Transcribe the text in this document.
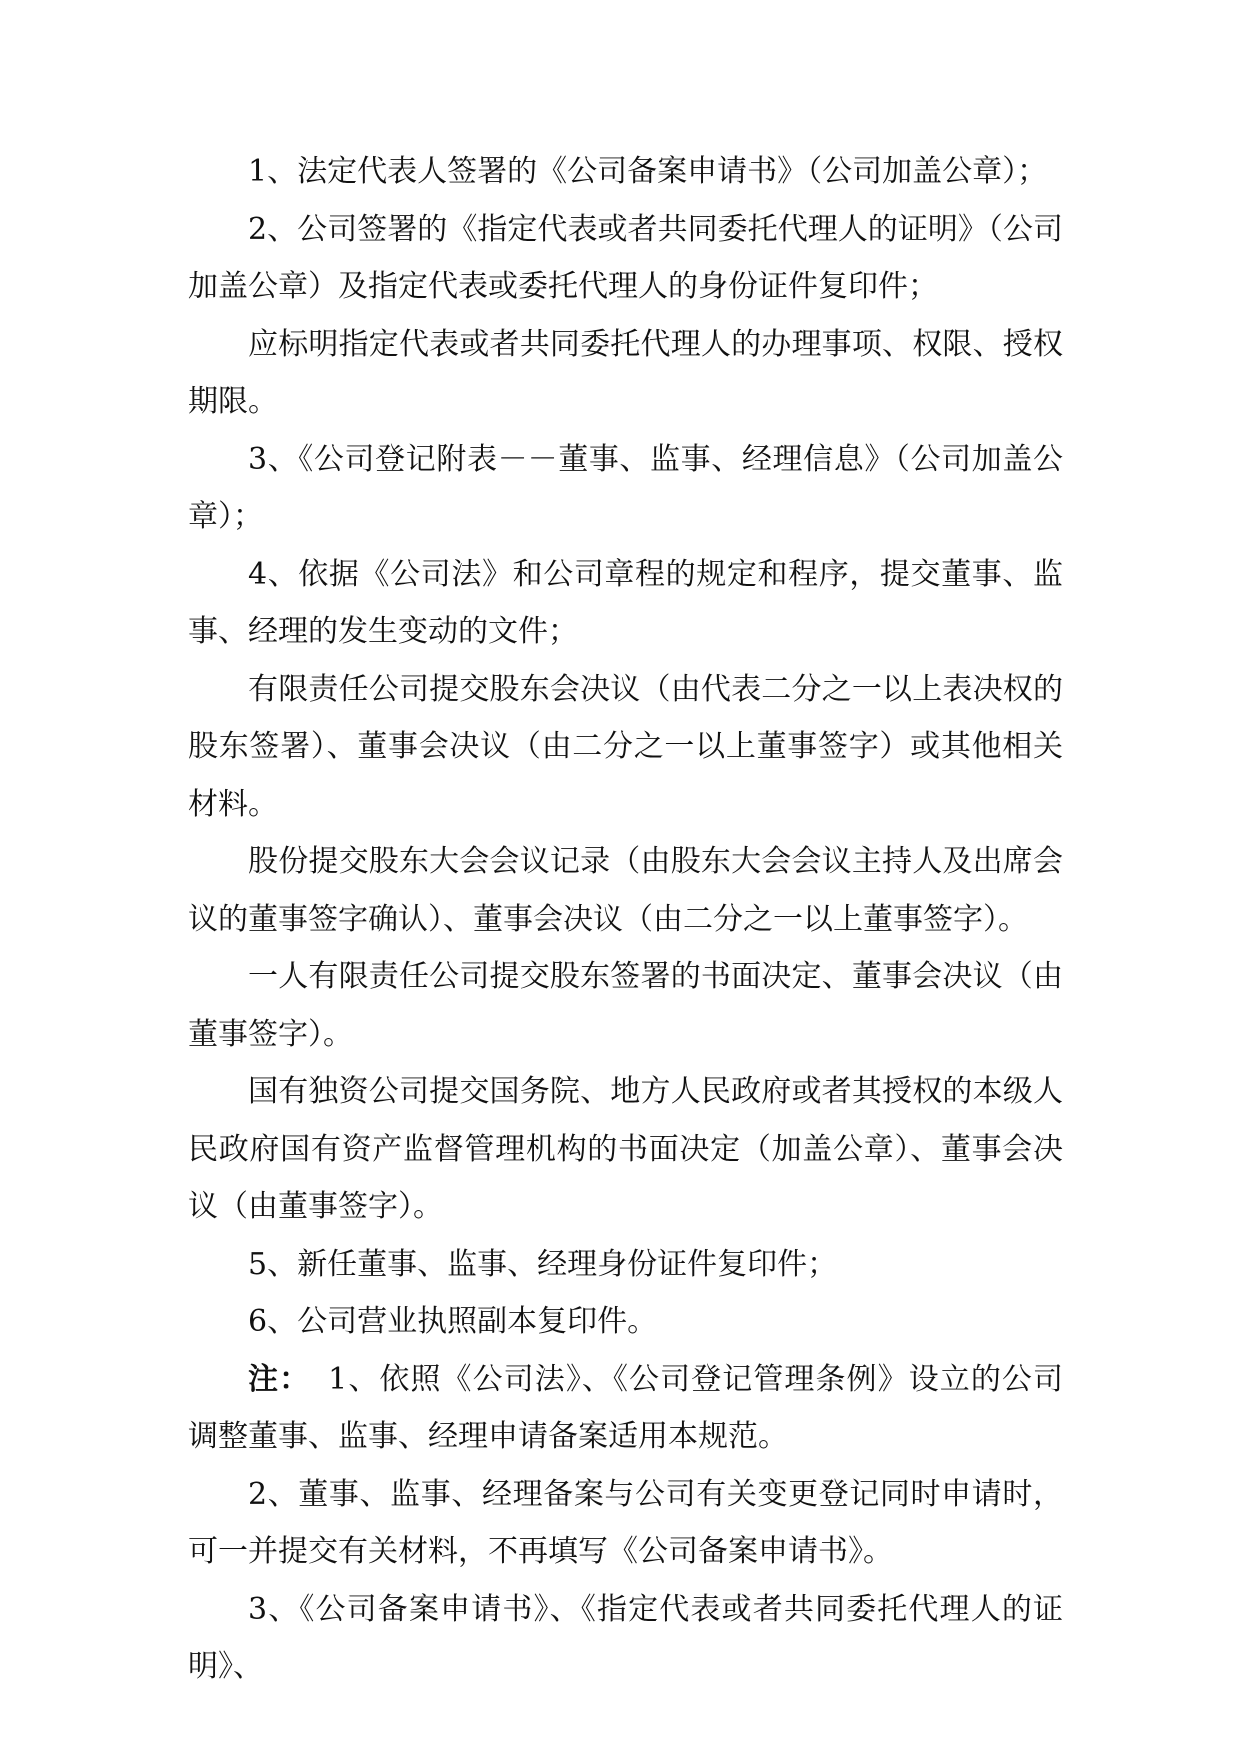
1、法定代表人签署的《公司备案申请书》（公司加盖公章）；

2、公司签署的《指定代表或者共同委托代理人的证明》（公司加盖公章）及指定代表或委托代理人的身份证件复印件；

应标明指定代表或者共同委托代理人的办理事项、权限、授权期限。

3、《公司登记附表－－董事、监事、经理信息》（公司加盖公章）；

4、依据《公司法》和公司章程的规定和程序，提交董事、监事、经理的发生变动的文件；

有限责任公司提交股东会决议（由代表二分之一以上表决权的股东签署）、董事会决议（由二分之一以上董事签字）或其他相关材料。

股份提交股东大会会议记录（由股东大会会议主持人及出席会议的董事签字确认）、董事会决议（由二分之一以上董事签字）。

一人有限责任公司提交股东签署的书面决定、董事会决议（由董事签字）。

国有独资公司提交国务院、地方人民政府或者其授权的本级人民政府国有资产监督管理机构的书面决定（加盖公章）、董事会决议（由董事签字）。

5、新任董事、监事、经理身份证件复印件；

6、公司营业执照副本复印件。

注： 1、依照《公司法》、《公司登记管理条例》设立的公司调整董事、监事、经理申请备案适用本规范。

2、董事、监事、经理备案与公司有关变更登记同时申请时，可一并提交有关材料，不再填写《公司备案申请书》。

3、《公司备案申请书》、《指定代表或者共同委托代理人的证明》、
